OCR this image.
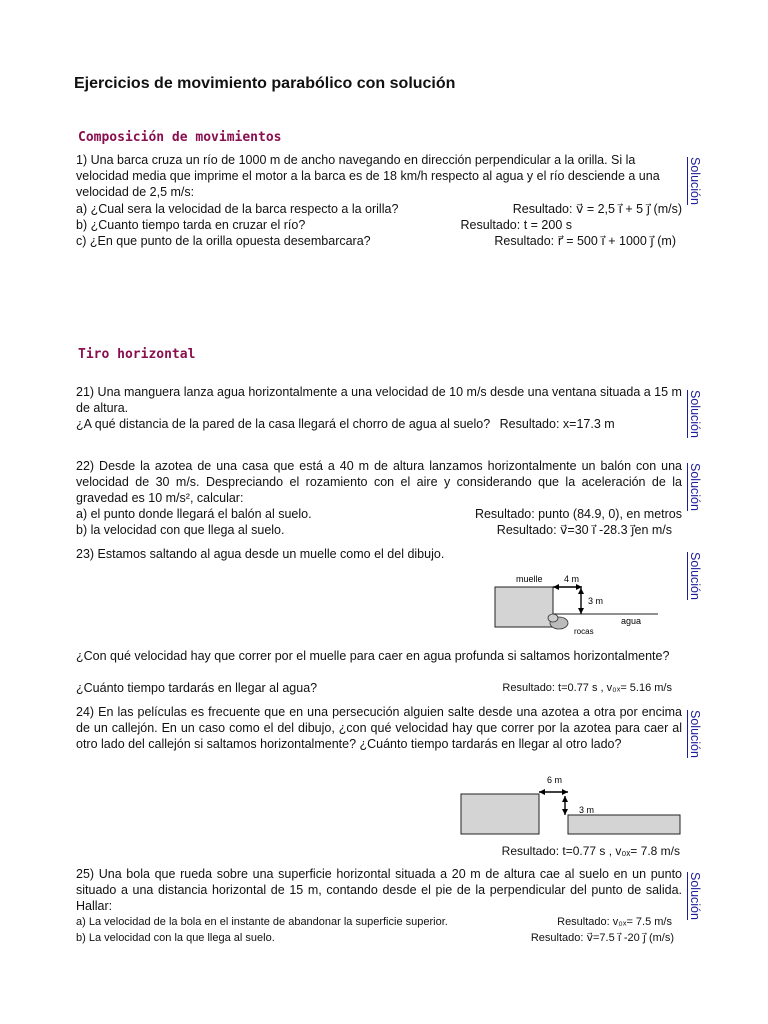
Ejercicios de movimiento parabólico con solución
Composición de movimientos
1) Una barca cruza un río de 1000 m de ancho navegando en dirección perpendicular a la orilla. Si la velocidad media que imprime el motor a la barca es de 18 km/h respecto al agua y el río desciende a una velocidad de 2,5 m/s:
a) ¿Cual sera la velocidad de la barca respecto a la orilla?	Resultado: v⃗ = 2,5 i⃗ + 5 j⃗ (m/s)
b) ¿Cuanto tiempo tarda en cruzar el río?	Resultado: t = 200 s
c) ¿En que punto de la orilla opuesta desembarcara?	Resultado: r⃗ = 500 i⃗ + 1000 j⃗ (m)
Solución
Tiro horizontal
21) Una manguera lanza agua horizontalmente a una velocidad de 10 m/s desde una ventana situada a 15 m de altura.
¿A qué distancia de la pared de la casa llegará el chorro de agua al suelo? Resultado: x=17.3 m	Solución
22) Desde la azotea de una casa que está a 40 m de altura lanzamos horizontalmente un balón con una velocidad de 30 m/s. Despreciando el rozamiento con el aire y considerando que la aceleración de la gravedad es 10 m/s², calcular:
a) el punto donde llegará el balón al suelo.	Resultado: punto (84.9, 0), en metros
b) la velocidad con que llega al suelo.	Resultado: v⃗=30 i⃗ -28.3 j⃗en m/s
Solución
23) Estamos saltando al agua desde un muelle como el del dibujo.	Solución
muelle 4 m
3 m
agua
rocas
¿Con qué velocidad hay que correr por el muelle para caer en agua profunda si saltamos horizontalmente?
¿Cuánto tiempo tardarás en llegar al agua?	Resultado: t=0.77 s , v₀ₓ= 5.16 m/s
24) En las películas es frecuente que en una persecución alguien salte desde una azotea a otra por encima de un callejón. En un caso como el del dibujo, ¿con qué velocidad hay que correr por la azotea para caer al otro lado del callejón si saltamos horizontalmente? ¿Cuánto tiempo tardarás en llegar al otro lado?	Solución
6 m
3 m
Resultado: t=0.77 s , v₀ₓ= 7.8 m/s
25) Una bola que rueda sobre una superficie horizontal situada a 20 m de altura cae al suelo en un punto situado a una distancia horizontal de 15 m, contando desde el pie de la perpendicular del punto de salida. Hallar:	Solución
a) La velocidad de la bola en el instante de abandonar la superficie superior.	Resultado: v₀ₓ= 7.5 m/s
b) La velocidad con la que llega al suelo.	Resultado: v⃗=7.5 i⃗ -20 j⃗ (m/s)
